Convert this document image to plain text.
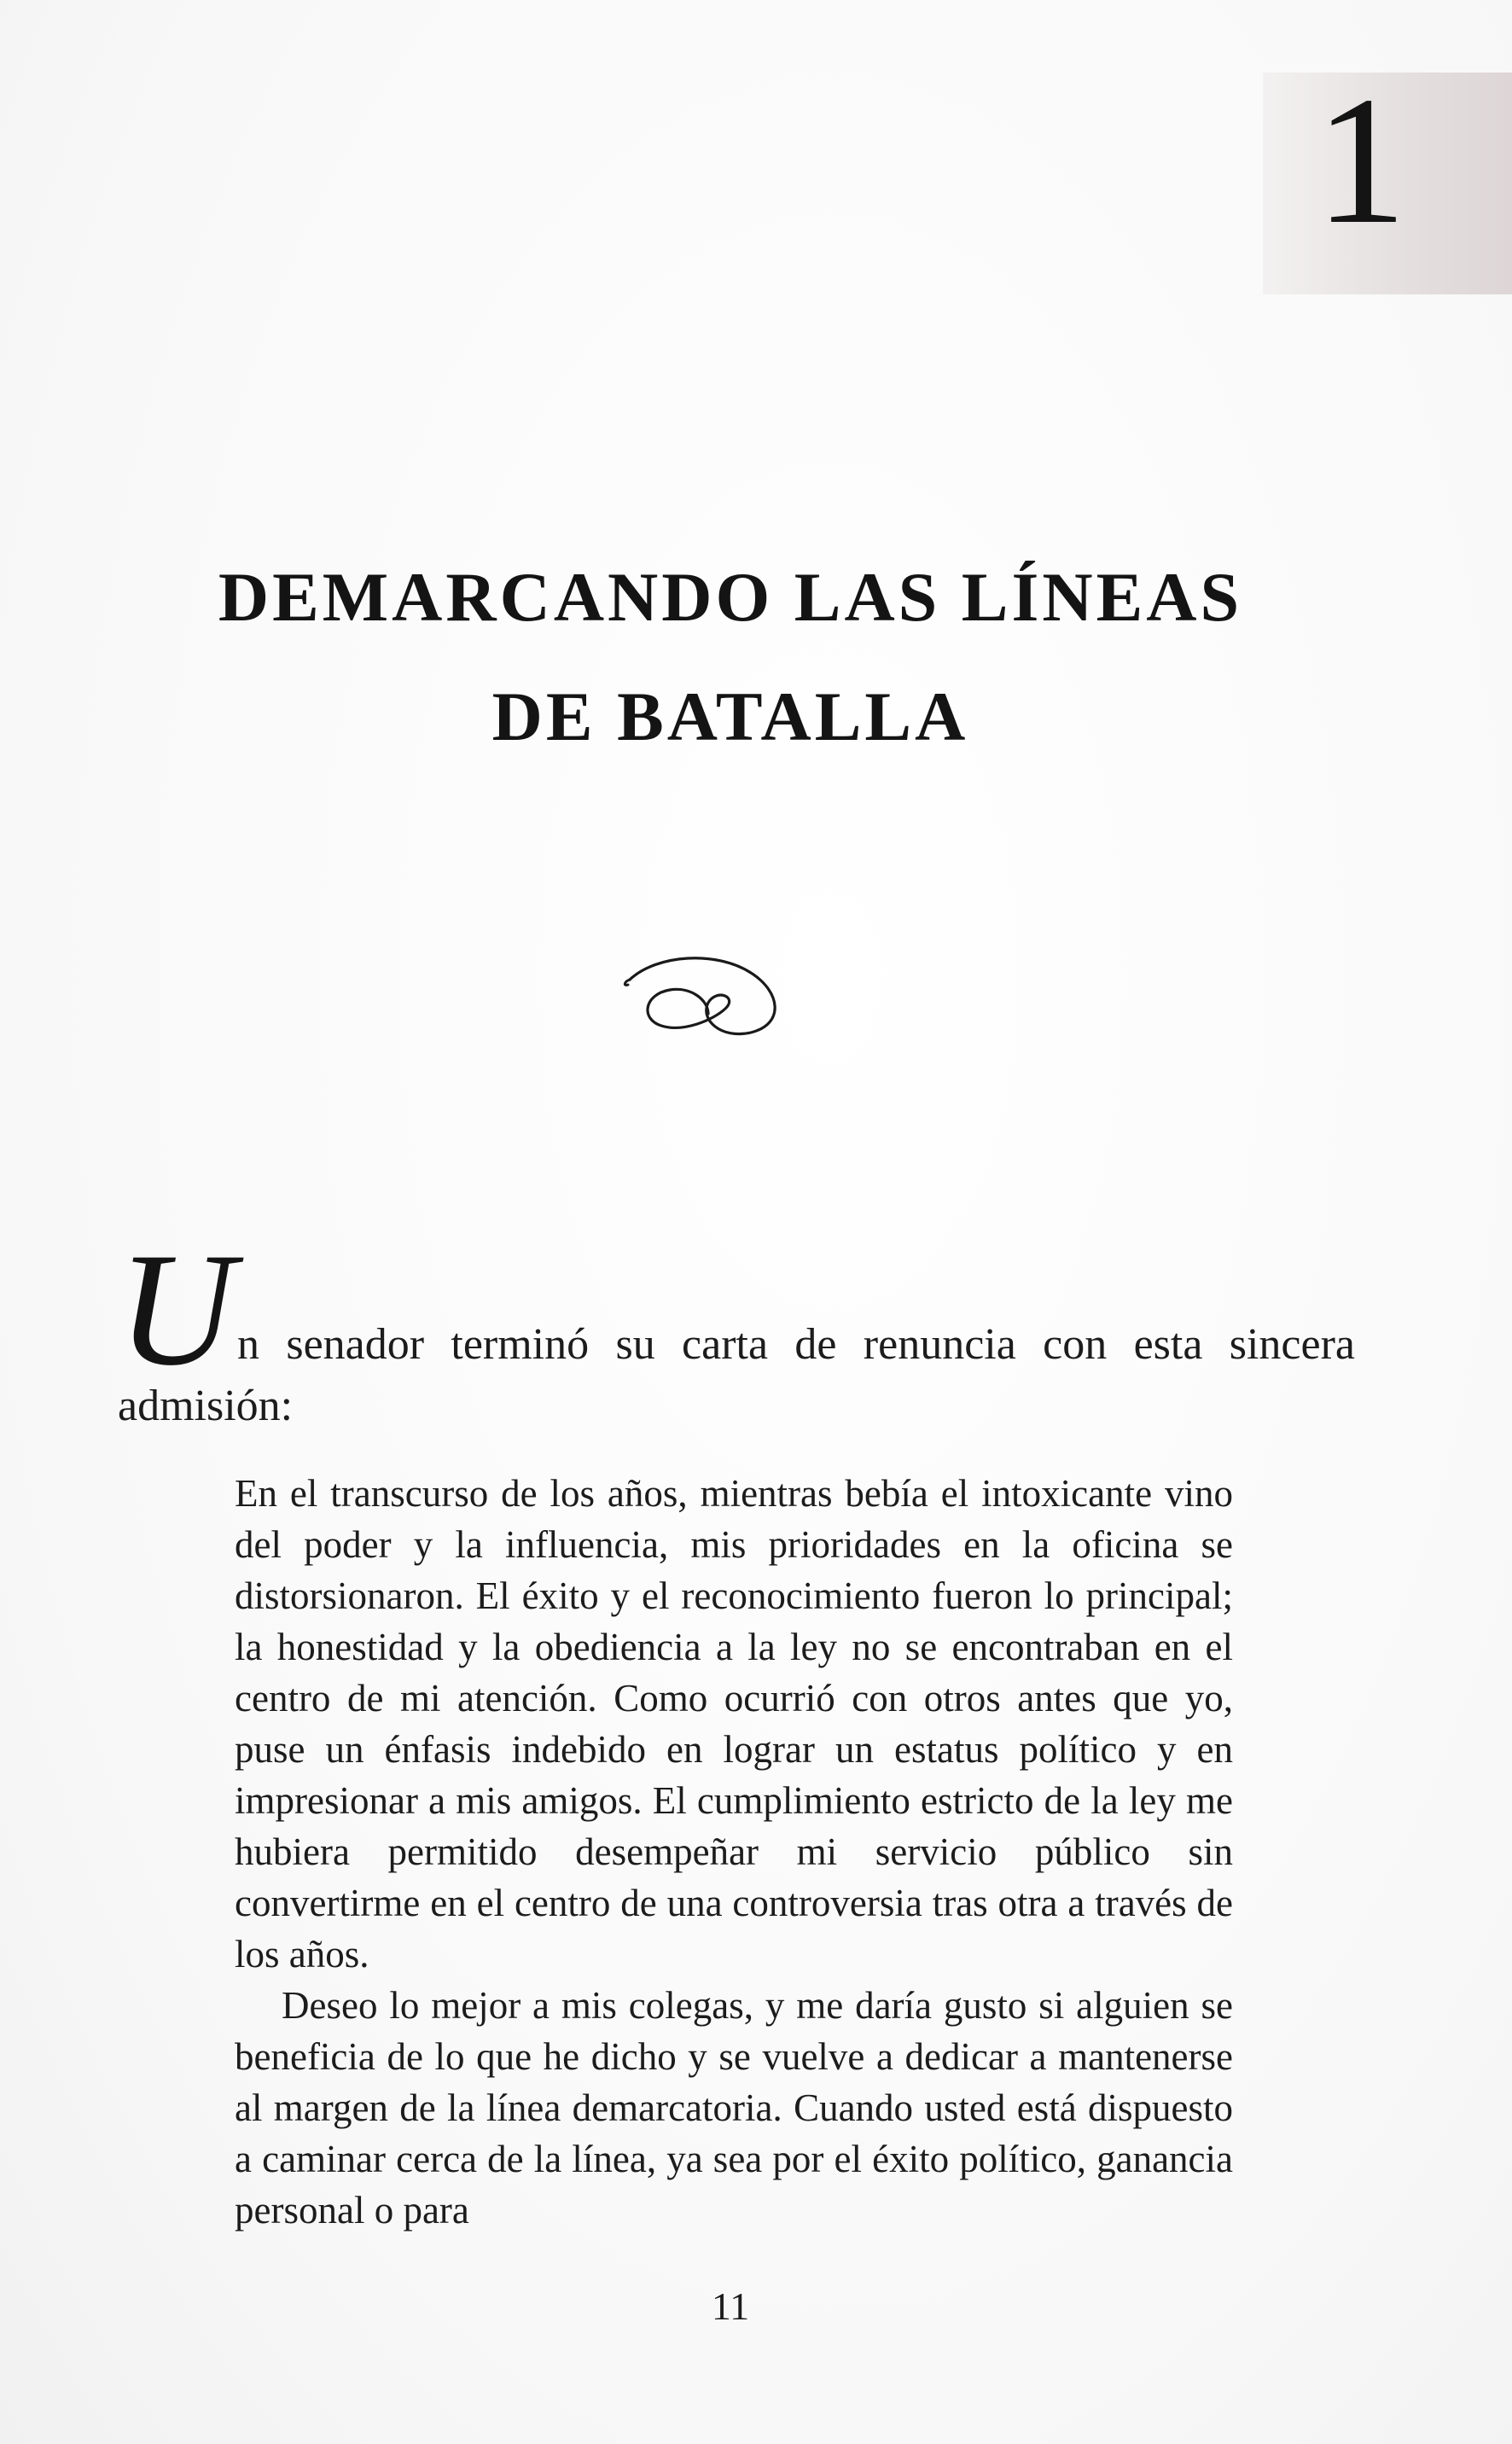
1
DEMARCANDO LAS LÍNEAS
DE BATALLA
U n senador terminó su carta de renuncia con esta sincera admisión:

En el transcurso de los años, mientras bebía el intoxicante vino del poder y la influencia, mis prioridades en la oficina se distorsionaron. El éxito y el reconocimiento fueron lo principal; la honestidad y la obediencia a la ley no se encontraban en el centro de mi atención. Como ocurrió con otros antes que yo, puse un énfasis indebido en lograr un estatus político y en impresionar a mis amigos. El cumplimiento estricto de la ley me hubiera permitido desempeñar mi servicio público sin convertirme en el centro de una controversia tras otra a través de los años.

Deseo lo mejor a mis colegas, y me daría gusto si alguien se beneficia de lo que he dicho y se vuelve a dedicar a mantenerse al margen de la línea demarcatoria. Cuando usted está dispuesto a caminar cerca de la línea, ya sea por el éxito político, ganancia personal o para

11
